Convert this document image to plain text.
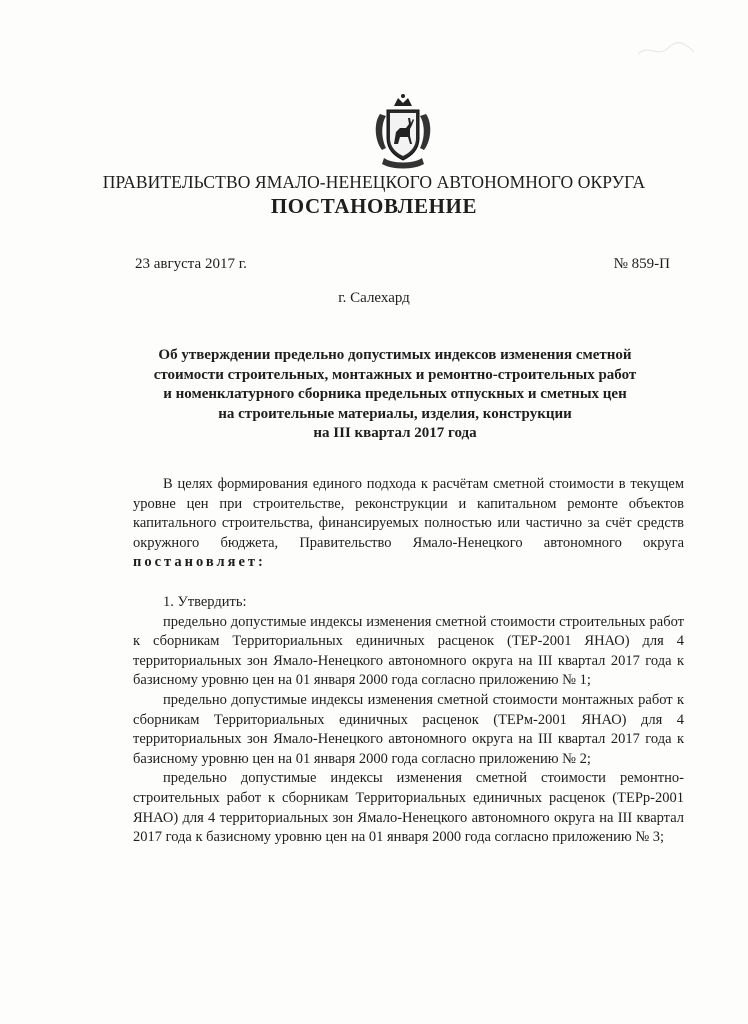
ПРАВИТЕЛЬСТВО ЯМАЛО-НЕНЕЦКОГО АВТОНОМНОГО ОКРУГА
ПОСТАНОВЛЕНИЕ
23 августа 2017 г.	№ 859-П
г. Салехард
Об утверждении предельно допустимых индексов изменения сметной
стоимости строительных, монтажных и ремонтно-строительных работ
и номенклатурного сборника предельных отпускных и сметных цен
на строительные материалы, изделия, конструкции
на III квартал 2017 года

В целях формирования единого подхода к расчётам сметной стоимости в текущем уровне цен при строительстве, реконструкции и капитальном ремонте объектов капитального строительства, финансируемых полностью или частично за счёт средств окружного бюджета, Правительство Ямало-Ненецкого автономного округа постановляет:

1. Утвердить:

предельно допустимые индексы изменения сметной стоимости строительных работ к сборникам Территориальных единичных расценок (ТЕР-2001 ЯНАО) для 4 территориальных зон Ямало-Ненецкого автономного округа на III квартал 2017 года к базисному уровню цен на 01 января 2000 года согласно приложению № 1;

предельно допустимые индексы изменения сметной стоимости монтажных работ к сборникам Территориальных единичных расценок (ТЕРм-2001 ЯНАО) для 4 территориальных зон Ямало-Ненецкого автономного округа на III квартал 2017 года к базисному уровню цен на 01 января 2000 года согласно приложению № 2;

предельно допустимые индексы изменения сметной стоимости ремонтно-строительных работ к сборникам Территориальных единичных расценок (ТЕРр-2001 ЯНАО) для 4 территориальных зон Ямало-Ненецкого автономного округа на III квартал 2017 года к базисному уровню цен на 01 января 2000 года согласно приложению № 3;
